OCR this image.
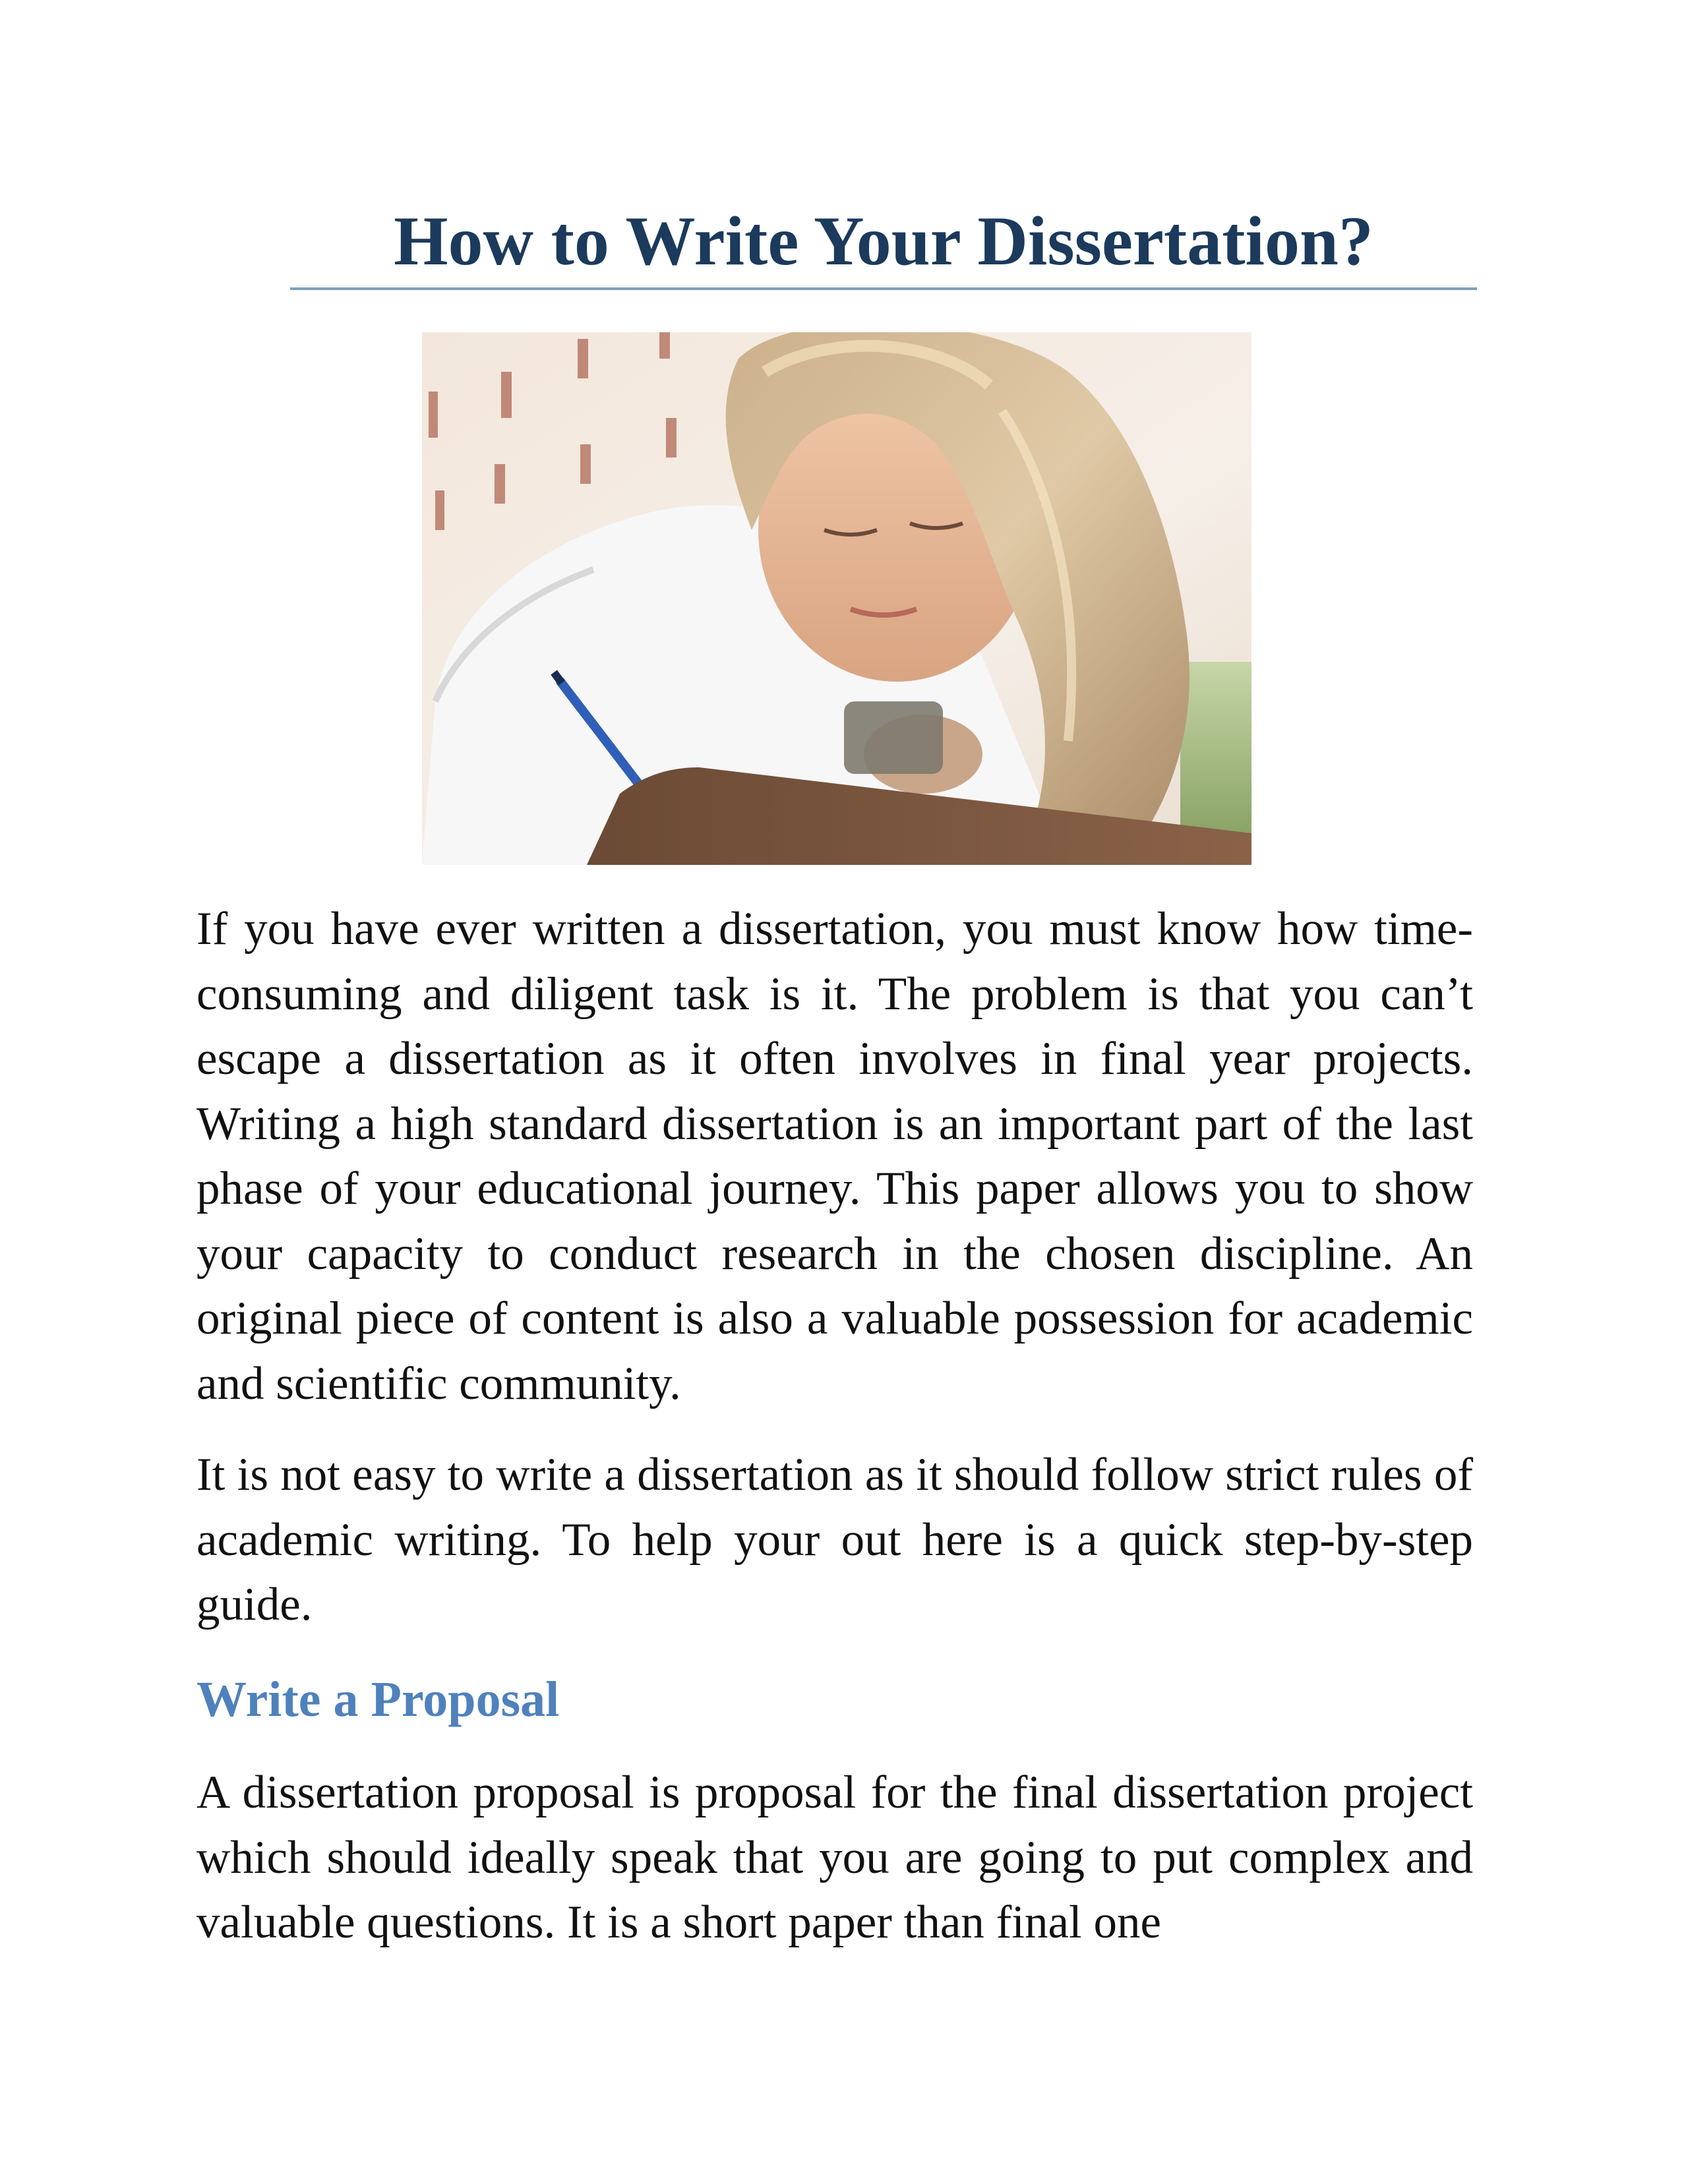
How to Write Your Dissertation?

If you have ever written a dissertation, you must know how time-consuming and diligent task is it. The problem is that you can’t escape a dissertation as it often involves in final year projects. Writing a high standard dissertation is an important part of the last phase of your educational journey. This paper allows you to show your capacity to conduct research in the chosen discipline. An original piece of content is also a valuable possession for academic and scientific community.

It is not easy to write a dissertation as it should follow strict rules of academic writing. To help your out here is a quick step-by-step guide.

Write a Proposal

A dissertation proposal is proposal for the final dissertation project which should ideally speak that you are going to put complex and valuable questions. It is a short paper than final one
